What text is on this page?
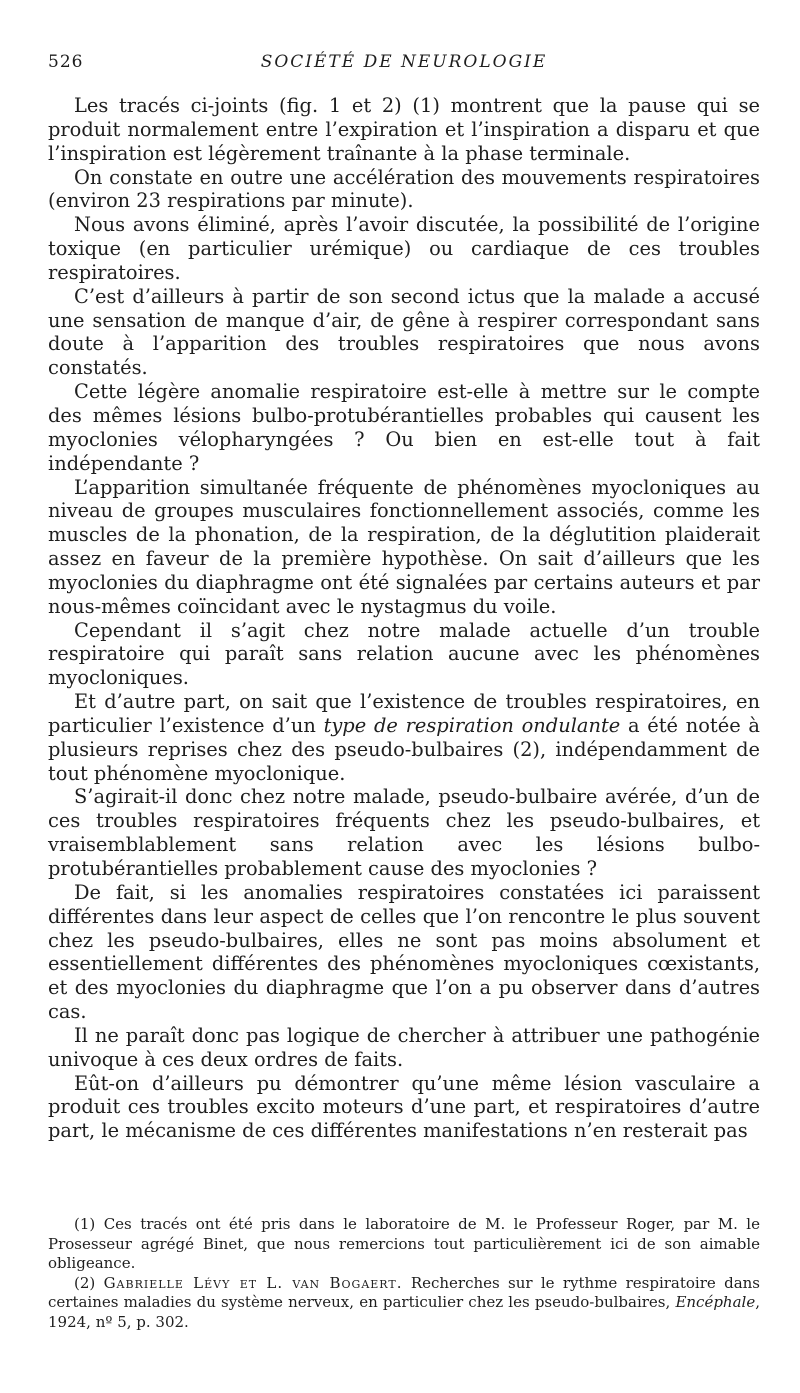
526	SOCIÉTÉ DE NEUROLOGIE

Les tracés ci-joints (fig. 1 et 2) (1) montrent que la pause qui se produit normalement entre l’expiration et l’inspiration a disparu et que l’inspiration est légèrement traînante à la phase terminale.

On constate en outre une accélération des mouvements respiratoires (environ 23 respirations par minute).

Nous avons éliminé, après l’avoir discutée, la possibilité de l’origine toxique (en particulier urémique) ou cardiaque de ces troubles respiratoires.

C’est d’ailleurs à partir de son second ictus que la malade a accusé une sensation de manque d’air, de gêne à respirer correspondant sans doute à l’apparition des troubles respiratoires que nous avons constatés.

Cette légère anomalie respiratoire est-elle à mettre sur le compte des mêmes lésions bulbo-protubérantielles probables qui causent les myoclonies vélopharyngées ? Ou bien en est-elle tout à fait indépendante ?

L’apparition simultanée fréquente de phénomènes myocloniques au niveau de groupes musculaires fonctionnellement associés, comme les muscles de la phonation, de la respiration, de la déglutition plaiderait assez en faveur de la première hypothèse. On sait d’ailleurs que les myoclonies du diaphragme ont été signalées par certains auteurs et par nous-mêmes coïncidant avec le nystagmus du voile.

Cependant il s’agit chez notre malade actuelle d’un trouble respiratoire qui paraît sans relation aucune avec les phénomènes myocloniques.

Et d’autre part, on sait que l’existence de troubles respiratoires, en particulier l’existence d’un type de respiration ondulante a été notée à plusieurs reprises chez des pseudo-bulbaires (2), indépendamment de tout phénomène myoclonique.

S’agirait-il donc chez notre malade, pseudo-bulbaire avérée, d’un de ces troubles respiratoires fréquents chez les pseudo-bulbaires, et vraisemblablement sans relation avec les lésions bulbo-protubérantielles probablement cause des myoclonies ?

De fait, si les anomalies respiratoires constatées ici paraissent différentes dans leur aspect de celles que l’on rencontre le plus souvent chez les pseudo-bulbaires, elles ne sont pas moins absolument et essentiellement différentes des phénomènes myocloniques cœxistants, et des myoclonies du diaphragme que l’on a pu observer dans d’autres cas.

Il ne paraît donc pas logique de chercher à attribuer une pathogénie univoque à ces deux ordres de faits.

Eût-on d’ailleurs pu démontrer qu’une même lésion vasculaire a produit ces troubles excito moteurs d’une part, et respiratoires d’autre part, le mécanisme de ces différentes manifestations n’en resterait pas

(1) Ces tracés ont été pris dans le laboratoire de M. le Professeur Roger, par M. le Prosesseur agrégé Binet, que nous remercions tout particulièrement ici de son aimable obligeance.

(2) Gabrielle Lévy et L. van Bogaert. Recherches sur le rythme respiratoire dans certaines maladies du système nerveux, en particulier chez les pseudo-bulbaires, Encéphale, 1924, nº 5, p. 302.
